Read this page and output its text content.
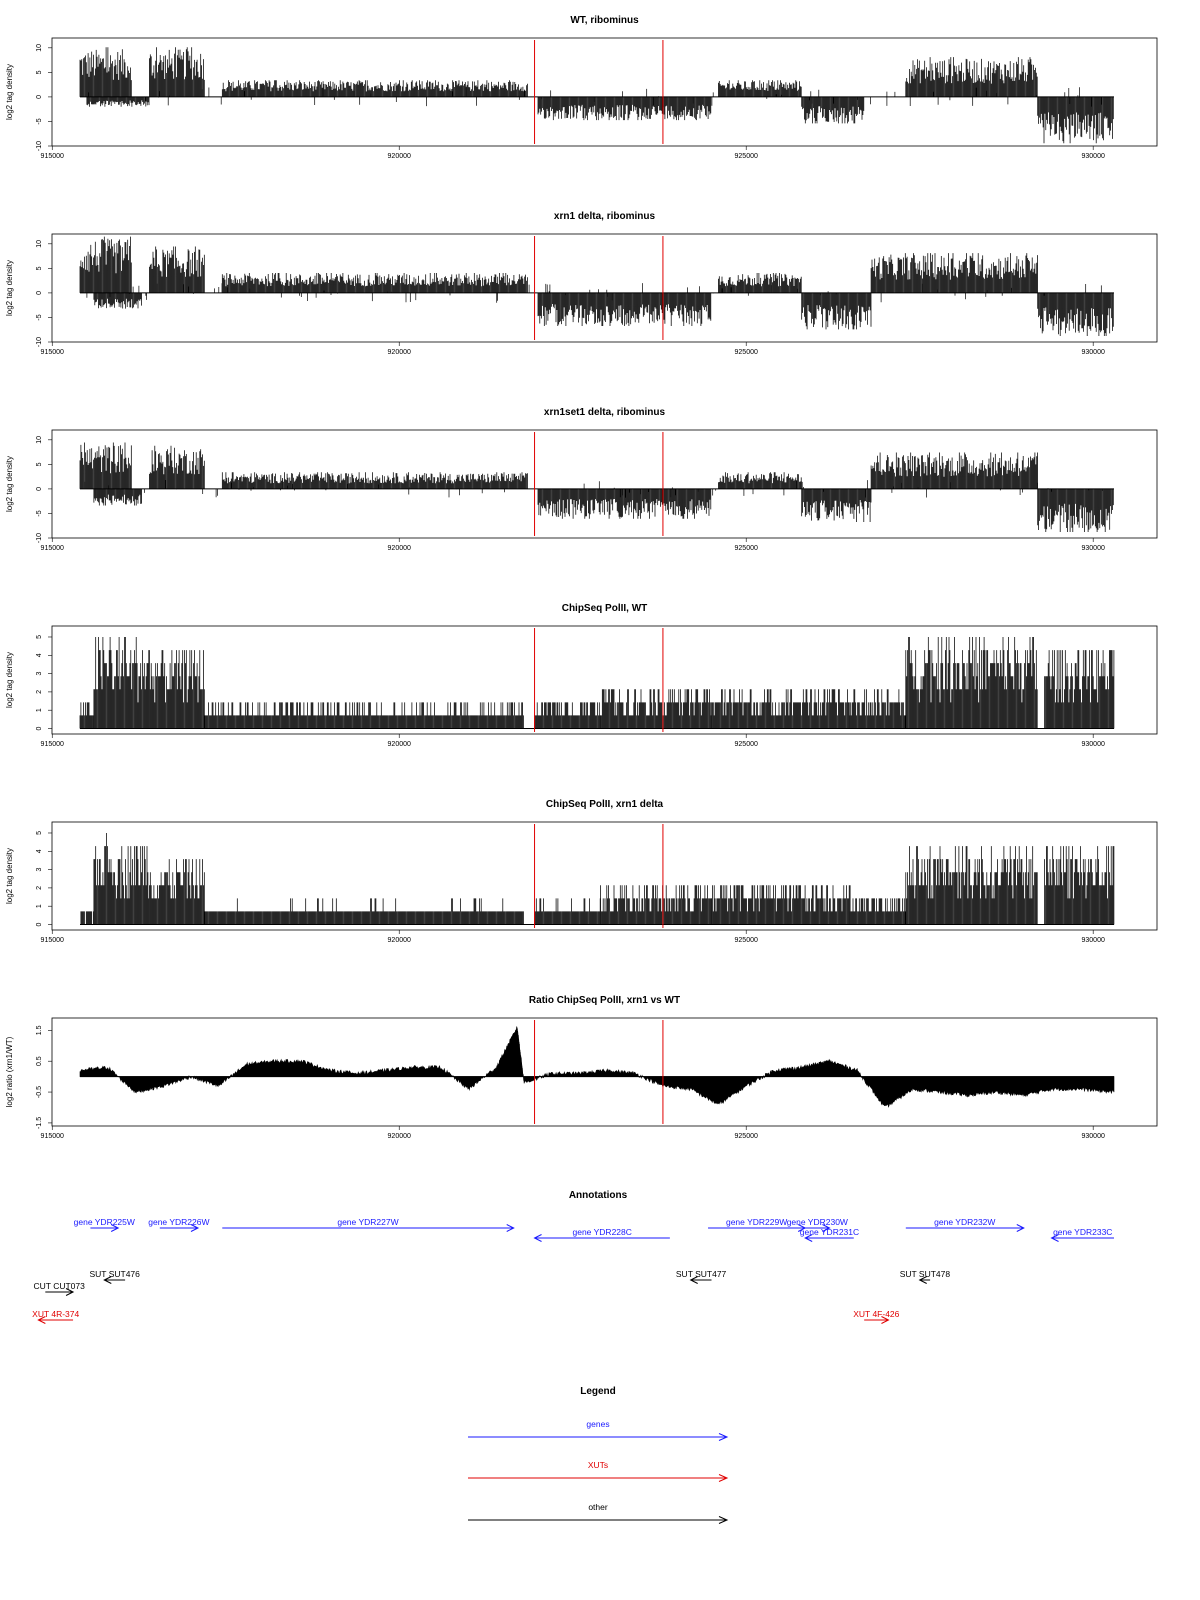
WT, ribominus
10
5
0
-5
-10
log2 tag density
915000	920000	925000	930000
xrn1 delta, ribominus
10
5
0
-5
-10
log2 tag density
915000	920000	925000	930000
xrn1set1 delta, ribominus
10
5
0
-5
-10
log2 tag density
915000	920000	925000	930000
ChipSeq PolII, WT
5
4
3
2
1
0
log2 tag density
915000	920000	925000	930000
ChipSeq PolII, xrn1 delta
5
4
3
2
1
0
log2 tag density
915000	920000	925000	930000
Ratio ChipSeq PolII, xrn1 vs WT
1.5
0.5
-0.5
-1.5
log2 ratio (xrn1/WT)
915000	920000	925000	930000
Annotations
gene YDR225W gene YDR226W	gene YDR227W
gene YDR228C
gene YDR229W gene YDR230W
gene YDR231C
gene YDR232W
gene YDR233C
SUT SUT476
CUT CUT073
SUT SUT477	SUT SUT478
XUT 4R-374	XUT 4F-426
Legend
genes
XUTs
other
